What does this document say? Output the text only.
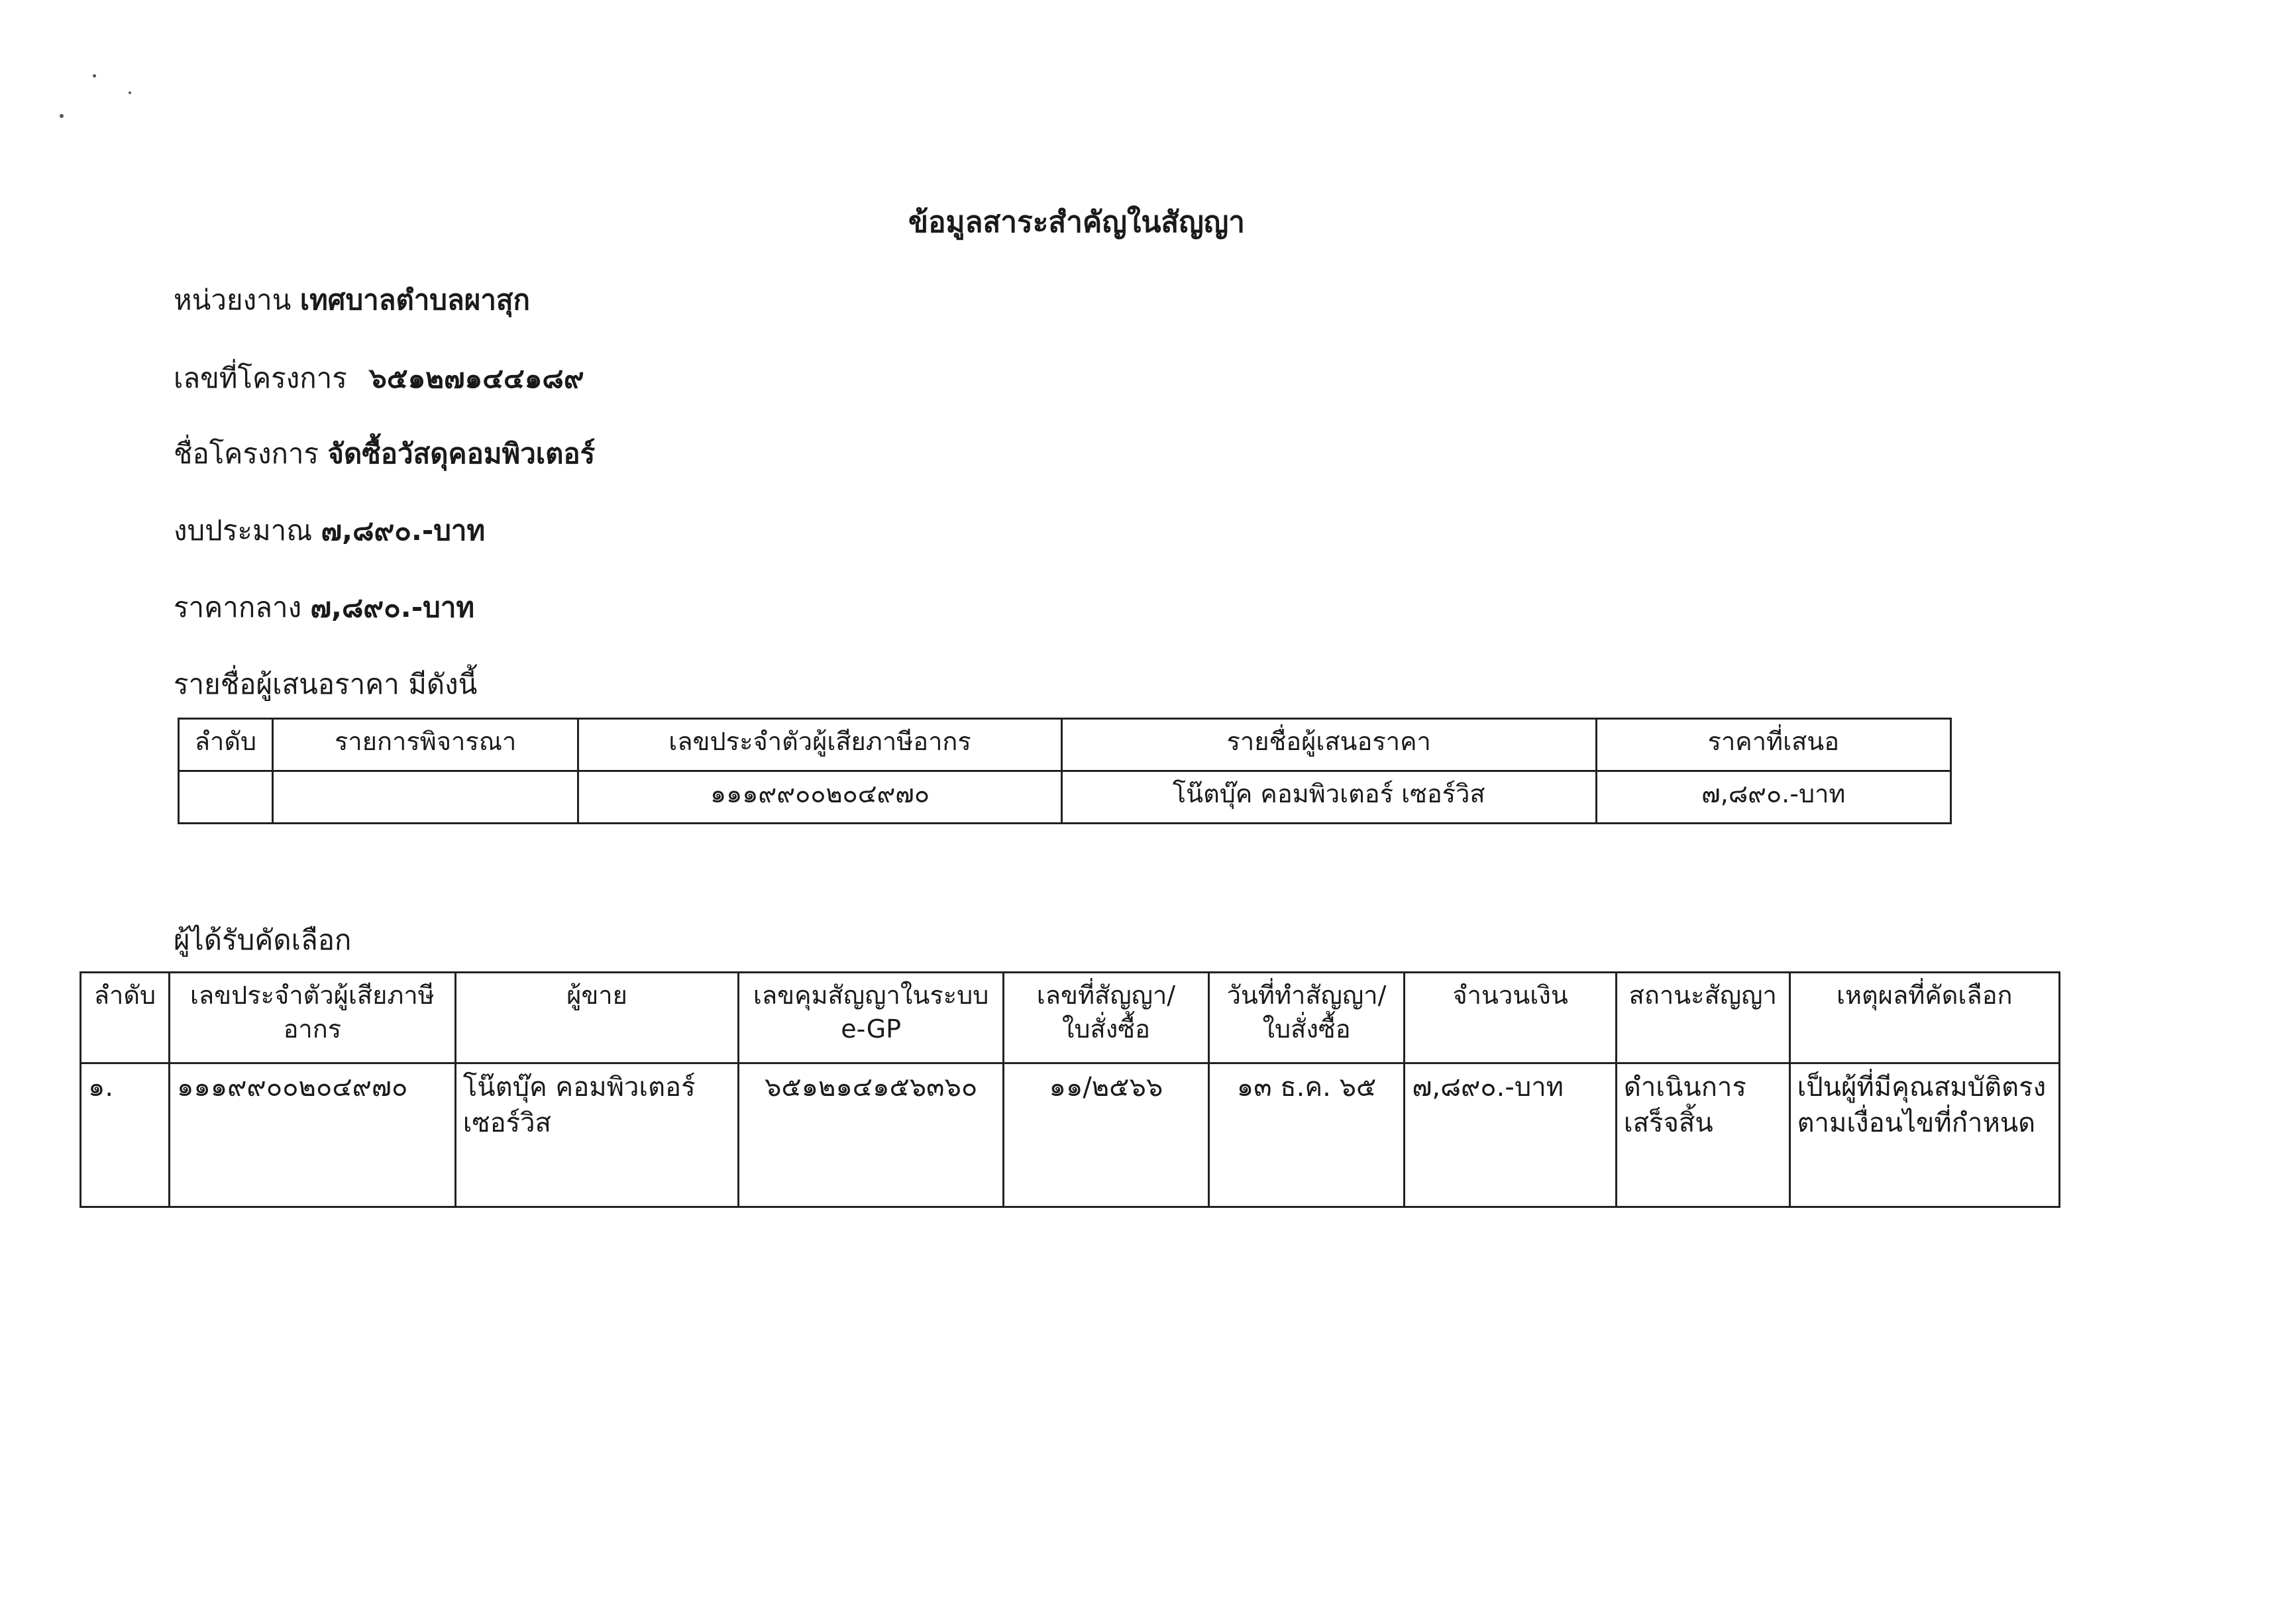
ข้อมูลสาระสำคัญในสัญญา
หน่วยงาน เทศบาลตำบลผาสุก
เลขที่โครงการ ๖๕๑๒๗๑๔๔๑๘๙
ชื่อโครงการ จัดซื้อวัสดุคอมพิวเตอร์
งบประมาณ ๗,๘๙๐.-บาท
ราคากลาง ๗,๘๙๐.-บาท
รายชื่อผู้เสนอราคา มีดังนี้
ลำดับ	รายการพิจารณา	เลขประจำตัวผู้เสียภาษีอากร	รายชื่อผู้เสนอราคา	ราคาที่เสนอ
		๑๑๑๙๙๐๐๒๐๔๙๗๐	โน๊ตบุ๊ค คอมพิวเตอร์ เซอร์วิส	๗,๘๙๐.-บาท
ผู้ได้รับคัดเลือก
ลำดับ	เลขประจำตัวผู้เสียภาษีอากร	ผู้ขาย	เลขคุมสัญญาในระบบ e-GP	เลขที่สัญญา/ใบสั่งซื้อ	วันที่ทำสัญญา/ใบสั่งซื้อ	จำนวนเงิน	สถานะสัญญา	เหตุผลที่คัดเลือก
๑.	๑๑๑๙๙๐๐๒๐๔๙๗๐	โน๊ตบุ๊ค คอมพิวเตอร์ เซอร์วิส	๖๕๑๒๑๔๑๕๖๓๖๐	๑๑/๒๕๖๖	๑๓ ธ.ค. ๖๕	๗,๘๙๐.-บาท	ดำเนินการเสร็จสิ้น	เป็นผู้ที่มีคุณสมบัติตรงตามเงื่อนไขที่กำหนด
